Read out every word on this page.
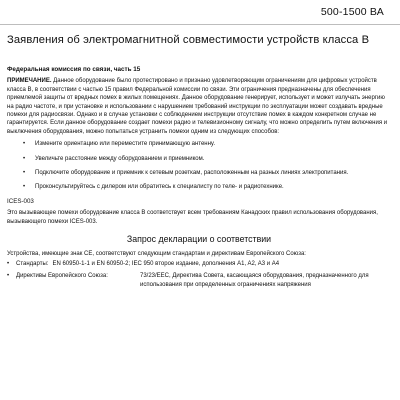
500-1500 ВА
Заявления об электромагнитной совместимости устройств класса B
Федеральная комиссия по связи, часть 15

ПРИМЕЧАНИЕ. Данное оборудование было протестировано и признано удовлетворяющим ограничениям для цифровых устройств класса B, в соответствии с частью 15 правил Федеральной комиссии по связи. Эти ограничения предназначены для обеспечения приемлемой защиты от вредных помех в жилых помещениях. Данное оборудование генерирует, использует и может излучать энергию на радио частоте, и при установке и использовании с нарушением требований инструкции по эксплуатации может создавать вредные помехи для радиосвязи. Однако и в случае установки с соблюдением инструкции отсутствие помех в каждом конкретном случае не гарантируется. Если данное оборудование создает помехи радио и телевизионному сигналу, что можно определить путем включения и выключения оборудования, можно попытаться устранить помехи одним из следующих способов:

• Измените ориентацию или переместите принимающую антенну.
• Увеличьте расстояние между оборудованием и приемником.
• Подключите оборудование и приемник к сетевым розеткам, расположенным на разных линиях электропитания.
• Проконсультируйтесь с дилером или обратитесь к специалисту по теле- и радиотехнике.
ICES-003

Это вызывающее помехи оборудование класса B соответствует всем требованиям Канадских правил использования оборудования, вызывающего помехи ICES-003.

Запрос декларации о соответствии

Устройства, имеющие знак CE, соответствуют следующим стандартам и директивам Европейского Союза:

•	Стандарты: EN 60950-1-1 и EN 60950-2; IEC 950 второе издание, дополнения A1, A2, A3 и A4
•	Директивы Европейского Союза:	73/23/EEC, Директива Совета, касающаяся оборудования, предназначенного для использования при определенных ограничениях напряжения
